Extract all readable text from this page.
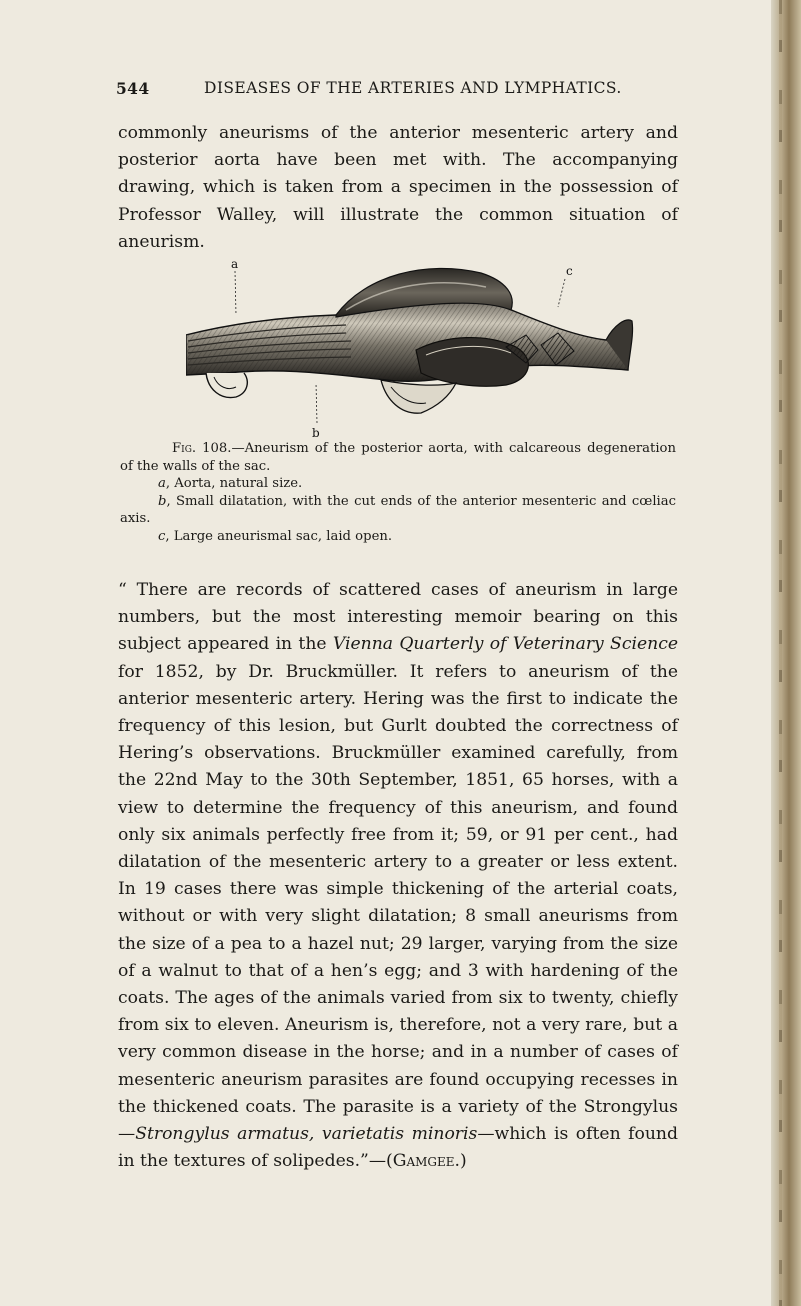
544	DISEASES OF THE ARTERIES AND LYMPHATICS.

commonly aneurisms of the anterior mesenteric artery and posterior aorta have been met with. The accompanying drawing, which is taken from a specimen in the possession of Professor Walley, will illustrate the common situation of aneurism.

a	c
b

Fig. 108.—Aneurism of the posterior aorta, with calcareous degeneration of the walls of the sac.

a, Aorta, natural size.

b, Small dilatation, with the cut ends of the anterior mesenteric and cœliac axis.

c, Large aneurismal sac, laid open.

“ There are records of scattered cases of aneurism in large numbers, but the most interesting memoir bearing on this subject appeared in the Vienna Quarterly of Veterinary Science for 1852, by Dr. Bruckmüller. It refers to aneurism of the anterior mesenteric artery. Hering was the first to indicate the frequency of this lesion, but Gurlt doubted the correctness of Hering’s observations. Bruckmüller examined carefully, from the 22nd May to the 30th September, 1851, 65 horses, with a view to determine the frequency of this aneurism, and found only six animals perfectly free from it; 59, or 91 per cent., had dilatation of the mesenteric artery to a greater or less extent. In 19 cases there was simple thickening of the arterial coats, without or with very slight dilatation; 8 small aneurisms from the size of a pea to a hazel nut; 29 larger, varying from the size of a walnut to that of a hen’s egg; and 3 with hardening of the coats. The ages of the animals varied from six to twenty, chiefly from six to eleven. Aneurism is, therefore, not a very rare, but a very common disease in the horse; and in a number of cases of mesenteric aneurism parasites are found occupying recesses in the thickened coats. The parasite is a variety of the Strongylus—Strongylus armatus, varietatis minoris—which is often found in the textures of solipedes.”—(Gamgee.)
